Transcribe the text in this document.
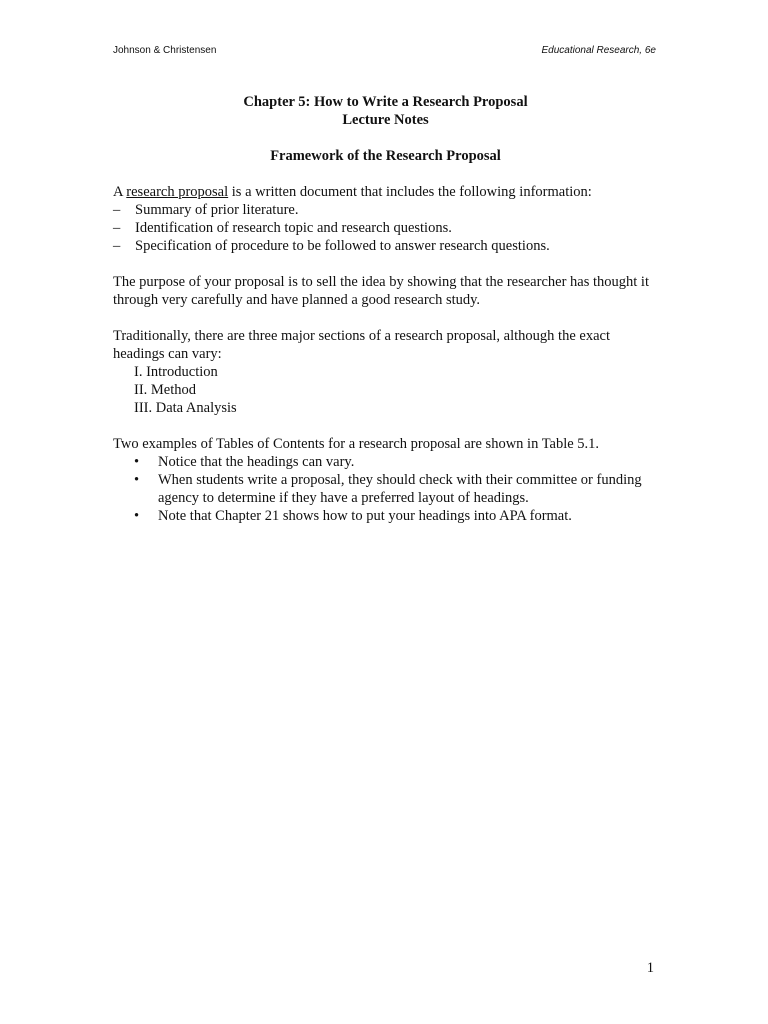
Johnson & Christensen	Educational Research, 6e

Chapter 5: How to Write a Research Proposal

Lecture Notes

Framework of the Research Proposal

A research proposal is a written document that includes the following information:

– Summary of prior literature.
– Identification of research topic and research questions.
– Specification of procedure to be followed to answer research questions.

The purpose of your proposal is to sell the idea by showing that the researcher has thought it through very carefully and have planned a good research study.

Traditionally, there are three major sections of a research proposal, although the exact headings can vary:

I. Introduction
II. Method
III. Data Analysis

Two examples of Tables of Contents for a research proposal are shown in Table 5.1.

• Notice that the headings can vary.
• When students write a proposal, they should check with their committee or funding agency to determine if they have a preferred layout of headings.
• Note that Chapter 21 shows how to put your headings into APA format.
1
